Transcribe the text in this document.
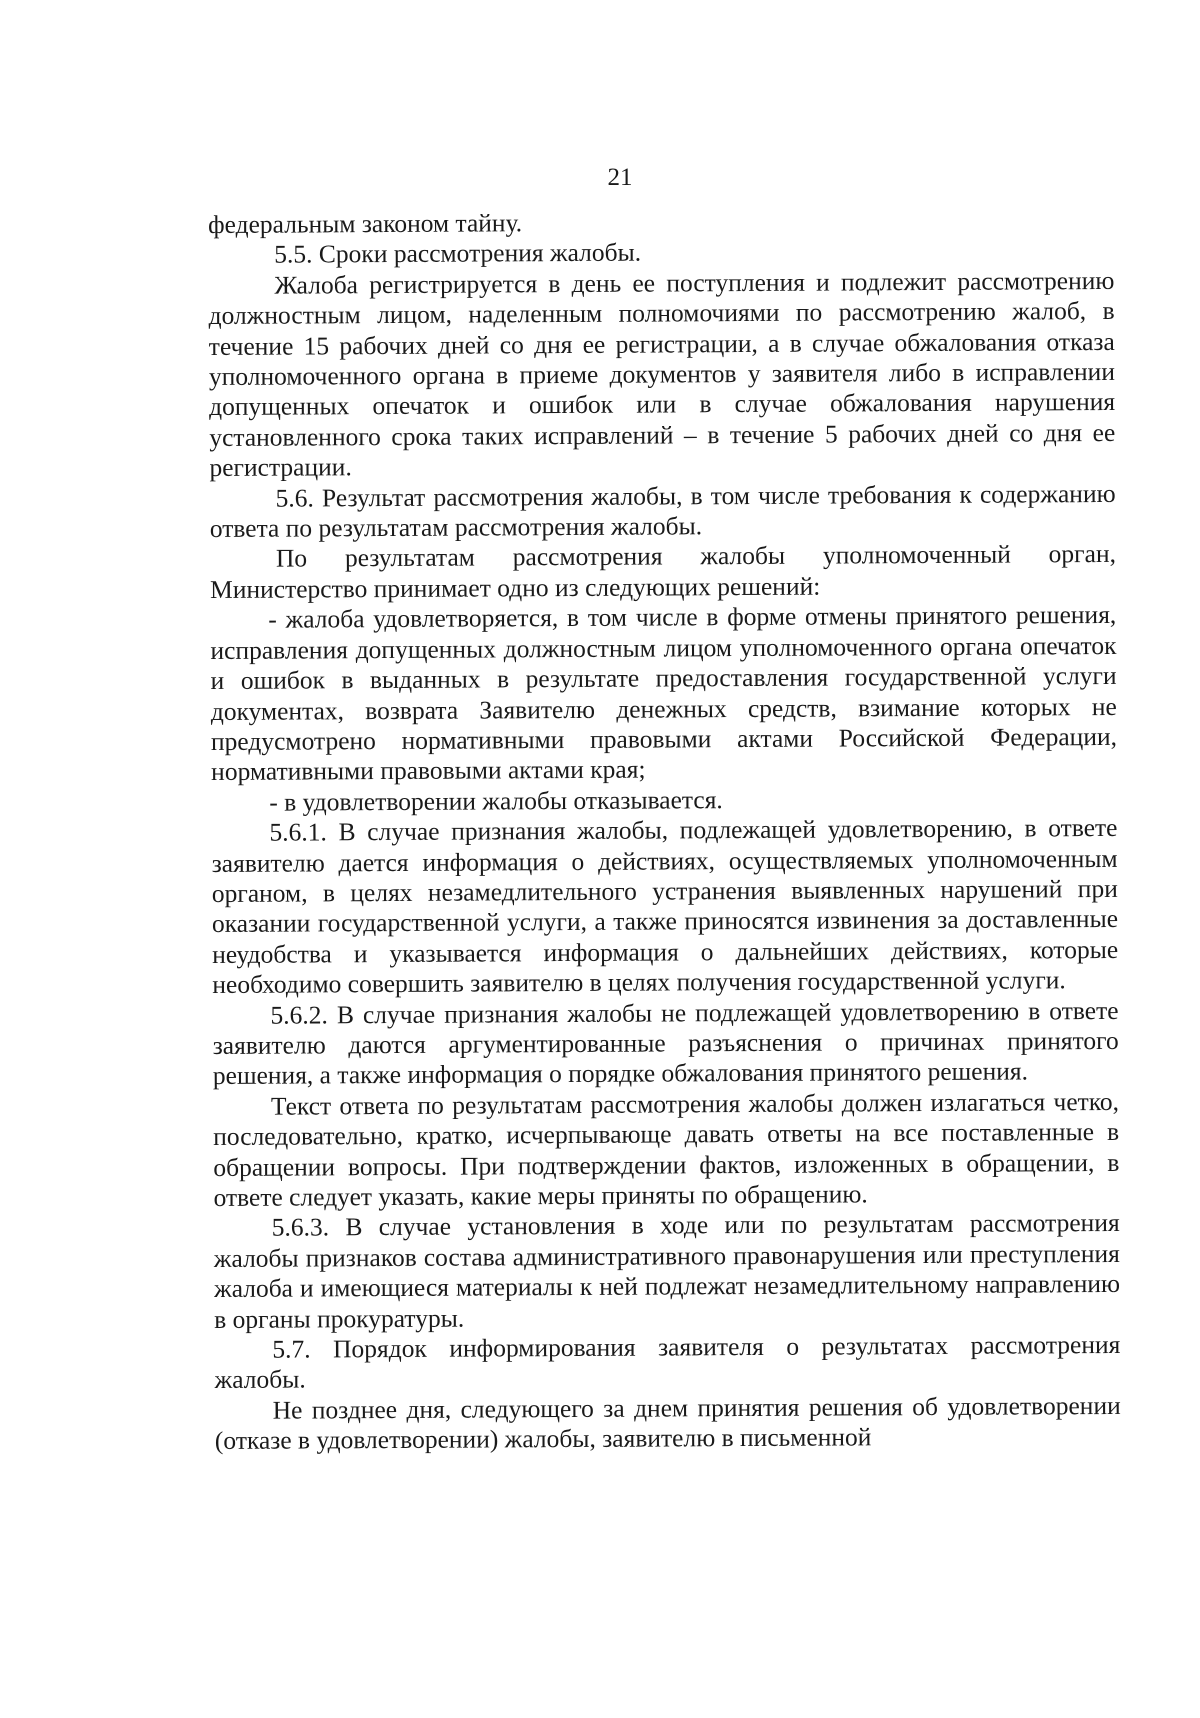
21

федеральным законом тайну.

5.5. Сроки рассмотрения жалобы.

Жалоба регистрируется в день ее поступления и подлежит рассмотрению должностным лицом, наделенным полномочиями по рассмотрению жалоб, в течение 15 рабочих дней со дня ее регистрации, а в случае обжалования отказа уполномоченного органа в приеме документов у заявителя либо в исправлении допущенных опечаток и ошибок или в случае обжалования нарушения установленного срока таких исправлений – в течение 5 рабочих дней со дня ее регистрации.

5.6. Результат рассмотрения жалобы, в том числе требования к содержанию ответа по результатам рассмотрения жалобы.

По результатам рассмотрения жалобы уполномоченный орган, Министерство принимает одно из следующих решений:

- жалоба удовлетворяется, в том числе в форме отмены принятого решения, исправления допущенных должностным лицом уполномоченного органа опечаток и ошибок в выданных в результате предоставления государственной услуги документах, возврата Заявителю денежных средств, взимание которых не предусмотрено нормативными правовыми актами Российской Федерации, нормативными правовыми актами края;

- в удовлетворении жалобы отказывается.

5.6.1. В случае признания жалобы, подлежащей удовлетворению, в ответе заявителю дается информация о действиях, осуществляемых уполномоченным органом, в целях незамедлительного устранения выявленных нарушений при оказании государственной услуги, а также приносятся извинения за доставленные неудобства и указывается информация о дальнейших действиях, которые необходимо совершить заявителю в целях получения государственной услуги.

5.6.2. В случае признания жалобы не подлежащей удовлетворению в ответе заявителю даются аргументированные разъяснения о причинах принятого решения, а также информация о порядке обжалования принятого решения.

Текст ответа по результатам рассмотрения жалобы должен излагаться четко, последовательно, кратко, исчерпывающе давать ответы на все поставленные в обращении вопросы. При подтверждении фактов, изложенных в обращении, в ответе следует указать, какие меры приняты по обращению.

5.6.3. В случае установления в ходе или по результатам рассмотрения жалобы признаков состава административного правонарушения или преступления жалоба и имеющиеся материалы к ней подлежат незамедлительному направлению в органы прокуратуры.

5.7. Порядок информирования заявителя о результатах рассмотрения жалобы.

Не позднее дня, следующего за днем принятия решения об удовлетворении (отказе в удовлетворении) жалобы, заявителю в письменной
